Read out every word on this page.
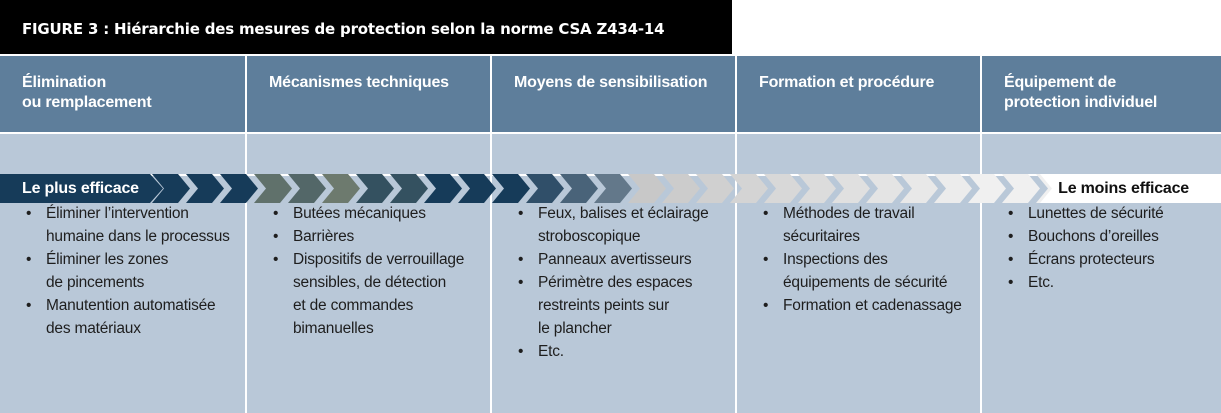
FIGURE 3 : Hiérarchie des mesures de protection selon la norme CSA Z434-14
Élimination
ou remplacement
• Éliminer l’intervention
humaine dans le processus
• Éliminer les zones
de pincements
• Manutention automatisée
des matériaux
Mécanismes techniques
• Butées mécaniques
• Barrières
• Dispositifs de verrouillage
sensibles, de détection
et de commandes
bimanuelles
Moyens de sensibilisation
• Feux, balises et éclairage
stroboscopique
• Panneaux avertisseurs
• Périmètre des espaces
restreints peints sur
le plancher
• Etc.
Formation et procédure
• Méthodes de travail
sécuritaires
• Inspections des
équipements de sécurité
• Formation et cadenassage
Équipement de
protection individuel
• Lunettes de sécurité
• Bouchons d’oreilles
• Écrans protecteurs
• Etc.
Le plus efficace	Le moins efficace
